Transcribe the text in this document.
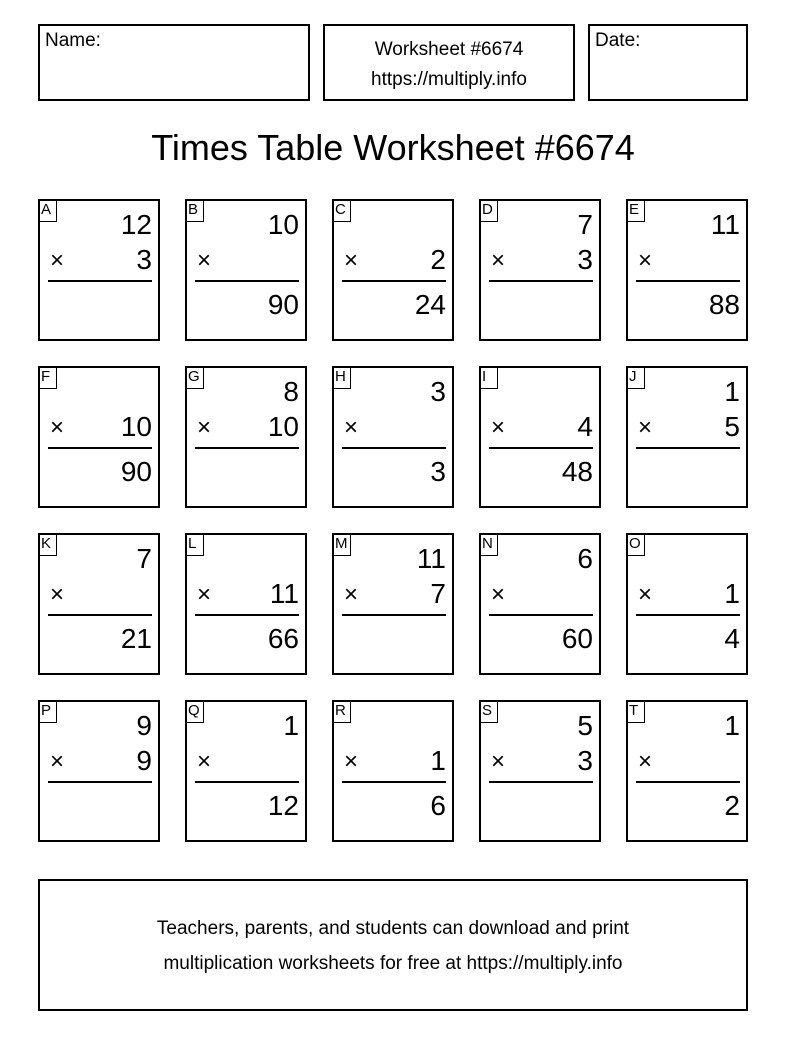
Name:	Worksheet #6674
https://multiply.info
Date:
Times Table Worksheet #6674
A 12
×	3
B 10
×
90
C
×	2
24
D	7
×	3
E	11
×
88
F
× 10
90
G	8
× 10
H	3
×
3
I
×	4
48
J	1
×	5
K	7
×
21
L
× 11
66
M 11
×	7
N	6
×
60
O
×	1
4
P	9
×	9
Q	1
×
12
R
×	1
6
S	5
×	3
T	1
×
2
Teachers, parents, and students can download and print
multiplication worksheets for free at https://multiply.info
